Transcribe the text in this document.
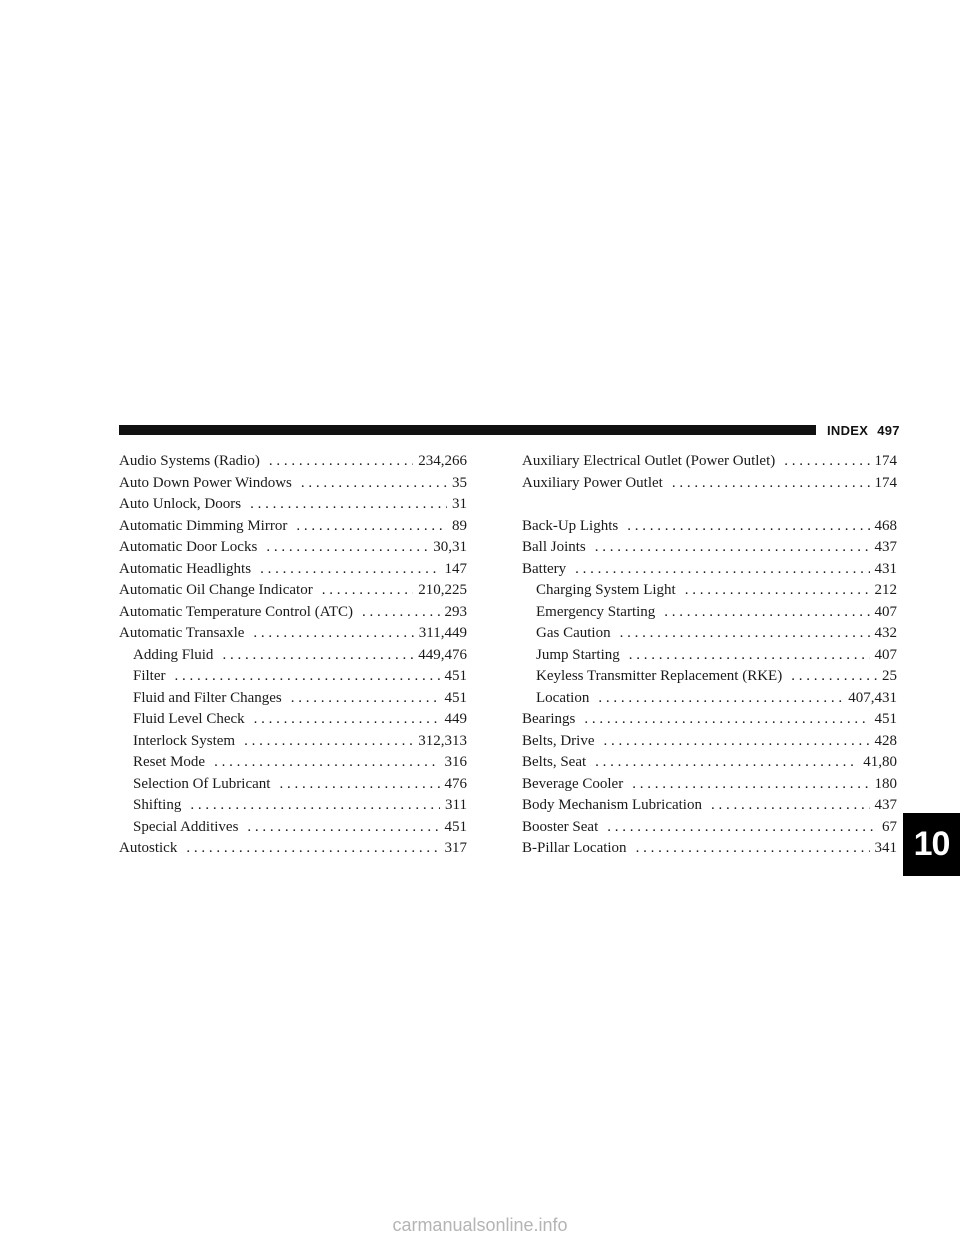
INDEX 497
Audio Systems (Radio) . . .	234,266
Auto Down Power Windows . . .	35
Auto Unlock, Doors . . .	31
Automatic Dimming Mirror . . .	89
Automatic Door Locks . . .	30,31
Automatic Headlights . . .	147
Automatic Oil Change Indicator . . .	210,225
Automatic Temperature Control (ATC) . . .	293
Automatic Transaxle . . .	311,449
Adding Fluid . . .	449,476
Filter . . .	451
Fluid and Filter Changes . . .	451
Fluid Level Check . . .	449
Interlock System . . .	312,313
Reset Mode . . .	316
Selection Of Lubricant . . .	476
Shifting . . .	311
Special Additives . . .	451
Autostick . . .	317
Auxiliary Electrical Outlet (Power Outlet) . . .	174
Auxiliary Power Outlet . . .	174
Back-Up Lights . . .	468
Ball Joints . . .	437
Battery . . .	431
Charging System Light . . .	212
Emergency Starting . . .	407
Gas Caution . . .	432
Jump Starting . . .	407
Keyless Transmitter Replacement (RKE) . . .	25
Location . . .	407,431
Bearings . . .	451
Belts, Drive . . .	428
Belts, Seat . . .	41,80
Beverage Cooler . . .	180
Body Mechanism Lubrication . . .	437
Booster Seat . . .	67
B-Pillar Location . . .	341 10
carmanualsonline.info
